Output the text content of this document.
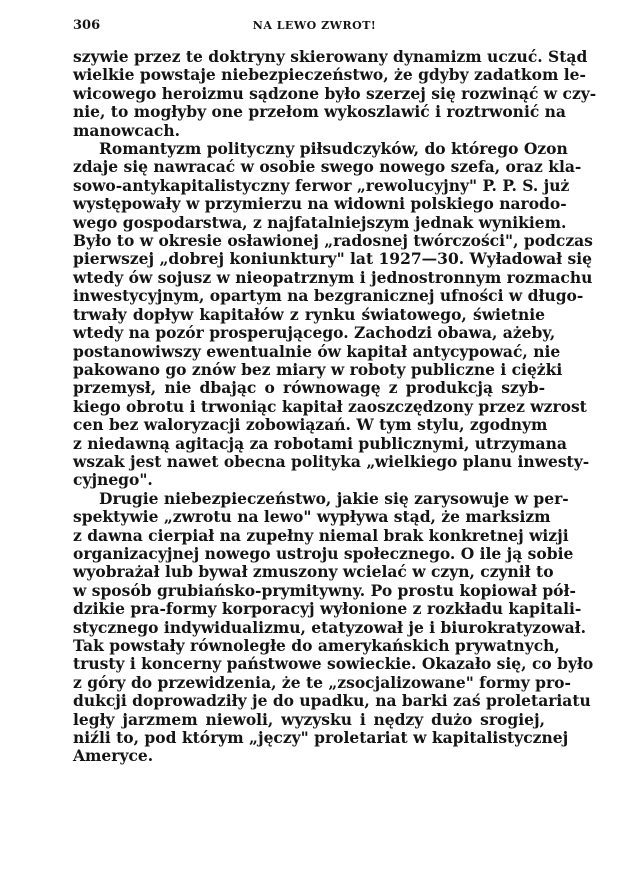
306	NA LEWO ZWROT!

szywie przez te doktryny skierowany dynamizm uczuć. Stąd
wielkie powstaje niebezpieczeństwo, że gdyby zadatkom le-
wicowego heroizmu sądzone było szerzej się rozwinąć w czy-
nie, to mogłyby one przełom wykoszlawić i roztrwonić na
manowcach.

Romantyzm polityczny piłsudczyków, do którego Ozon
zdaje się nawracać w osobie swego nowego szefa, oraz kla-
sowo-antykapitalistyczny ferwor „rewolucyjny" P. P. S. już
występowały w przymierzu na widowni polskiego narodo-
wego gospodarstwa, z najfatalniejszym jednak wynikiem.
Było to w okresie osławionej „radosnej twórczości", podczas
pierwszej „dobrej koniunktury" lat 1927—30. Wyładował się
wtedy ów sojusz w nieopatrznym i jednostronnym rozmachu
inwestycyjnym, opartym na bezgranicznej ufności w długo-
trwały dopływ kapitałów z rynku światowego, świetnie
wtedy na pozór prosperującego. Zachodzi obawa, ażeby,
postanowiwszy ewentualnie ów kapitał antycypować, nie
pakowano go znów bez miary w roboty publiczne i ciężki
przemysł, nie dbając o równowagę z produkcją szyb-
kiego obrotu i trwoniąc kapitał zaoszczędzony przez wzrost
cen bez waloryzacji zobowiązań. W tym stylu, zgodnym
z niedawną agitacją za robotami publicznymi, utrzymana
wszak jest nawet obecna polityka „wielkiego planu inwesty-
cyjnego".

Drugie niebezpieczeństwo, jakie się zarysowuje w per-
spektywie „zwrotu na lewo" wypływa stąd, że marksizm
z dawna cierpiał na zupełny niemal brak konkretnej wizji
organizacyjnej nowego ustroju społecznego. O ile ją sobie
wyobrażał lub bywał zmuszony wcielać w czyn, czynił to
w sposób grubiańsko-prymitywny. Po prostu kopiował pół-
dzikie pra-formy korporacyj wyłonione z rozkładu kapitali-
stycznego indywidualizmu, etatyzował je i biurokratyzował.
Tak powstały równoległe do amerykańskich prywatnych,
trusty i koncerny państwowe sowieckie. Okazało się, co było
z góry do przewidzenia, że te „zsocjalizowane" formy pro-
dukcji doprowadziły je do upadku, na barki zaś proletariatu
legły jarzmem niewoli, wyzysku i nędzy dużo srogiej,
niźli to, pod którym „jęczy" proletariat w kapitalistycznej
Ameryce.
